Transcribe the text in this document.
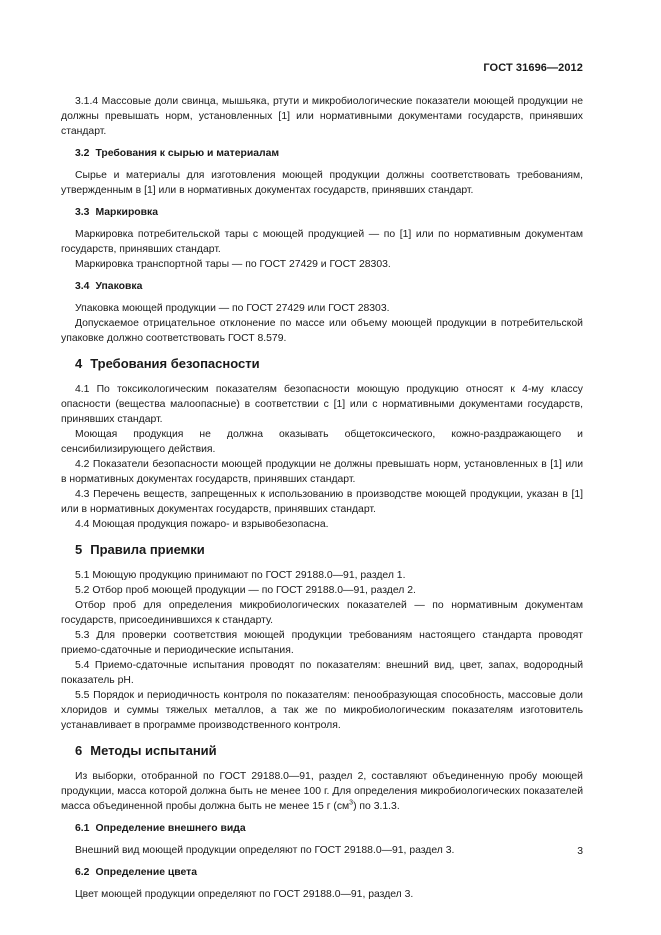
ГОСТ 31696—2012

3.1.4 Массовые доли свинца, мышьяка, ртути и микробиологические показатели моющей продукции не должны превышать норм, установленных [1] или нормативными документами государств, принявших стандарт.

3.2 Требования к сырью и материалам

Сырье и материалы для изготовления моющей продукции должны соответствовать требованиям, утвержденным в [1] или в нормативных документах государств, принявших стандарт.

3.3 Маркировка

Маркировка потребительской тары с моющей продукцией — по [1] или по нормативным документам государств, принявших стандарт.

Маркировка транспортной тары — по ГОСТ 27429 и ГОСТ 28303.

3.4 Упаковка

Упаковка моющей продукции — по ГОСТ 27429 или ГОСТ 28303.

Допускаемое отрицательное отклонение по массе или объему моющей продукции в потребительской упаковке должно соответствовать ГОСТ 8.579.

4 Требования безопасности

4.1 По токсикологическим показателям безопасности моющую продукцию относят к 4-му классу опасности (вещества малоопасные) в соответствии с [1] или с нормативными документами государств, принявших стандарт.

Моющая продукция не должна оказывать общетоксического, кожно-раздражающего и сенсибилизирующего действия.

4.2 Показатели безопасности моющей продукции не должны превышать норм, установленных в [1] или в нормативных документах государств, принявших стандарт.

4.3 Перечень веществ, запрещенных к использованию в производстве моющей продукции, указан в [1] или в нормативных документах государств, принявших стандарт.

4.4 Моющая продукция пожаро- и взрывобезопасна.

5 Правила приемки

5.1 Моющую продукцию принимают по ГОСТ 29188.0—91, раздел 1.

5.2 Отбор проб моющей продукции — по ГОСТ 29188.0—91, раздел 2.

Отбор проб для определения микробиологических показателей — по нормативным документам государств, присоединившихся к стандарту.

5.3 Для проверки соответствия моющей продукции требованиям настоящего стандарта проводят приемо-сдаточные и периодические испытания.

5.4 Приемо-сдаточные испытания проводят по показателям: внешний вид, цвет, запах, водородный показатель pH.

5.5 Порядок и периодичность контроля по показателям: пенообразующая способность, массовые доли хлоридов и суммы тяжелых металлов, а так же по микробиологическим показателям изготовитель устанавливает в программе производственного контроля.

6 Методы испытаний

Из выборки, отобранной по ГОСТ 29188.0—91, раздел 2, составляют объединенную пробу моющей продукции, масса которой должна быть не менее 100 г. Для определения микробиологических показателей масса объединенной пробы должна быть не менее 15 г $(см^3)$ по 3.1.3.

6.1 Определение внешнего вида

Внешний вид моющей продукции определяют по ГОСТ 29188.0—91, раздел 3.

6.2 Определение цвета

Цвет моющей продукции определяют по ГОСТ 29188.0—91, раздел 3.

3
